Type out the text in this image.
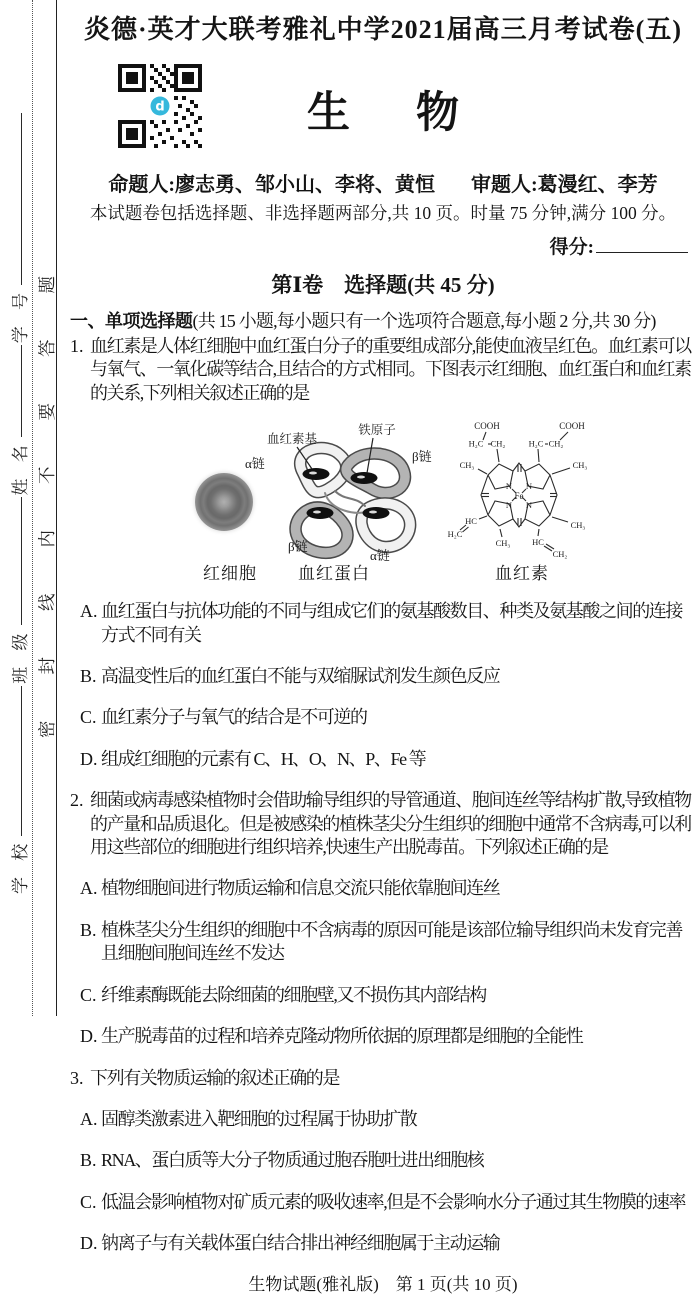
学 校
班 级
姓 名
学 号 密封线内不要答题
炎德·英才大联考雅礼中学2021届高三月考试卷(五)
d	生 物
命题人:廖志勇、邹小山、李将、黄恒 审题人:葛漫红、李芳

本试题卷包括选择题、非选择题两部分,共 10 页。时量 75 分钟,满分 100 分。

得分:
第Ⅰ卷　选择题(共 45 分)
一、单项选择题(共 15 小题,每小题只有一个选项符合题意,每小题 2 分,共 30 分)

1. 血红素是人体红细胞中血红蛋白分子的重要组成部分,能使血液呈红色。血红素可以与氧气、一氧化碳等结合,且结合的方式相同。下图表示红细胞、血红蛋白和血红素的关系,下列相关叙述正确的是

血红素基
铁原子
α链	β链
β链
α链
COOH	COOH
H₂C CH₂	H₂C CH₂
CH₃	CH₃
HC
H₂C
CH₃
CH₃	HC
CH₂
N N
N N
Fe
红细胞 血红蛋白	血红素

A. 血红蛋白与抗体功能的不同与组成它们的氨基酸数目、种类及氨基酸之间的连接方式不同有关

B. 高温变性后的血红蛋白不能与双缩脲试剂发生颜色反应

C. 血红素分子与氧气的结合是不可逆的

D. 组成红细胞的元素有 C、H、O、N、P、Fe 等

2. 细菌或病毒感染植物时会借助输导组织的导管通道、胞间连丝等结构扩散,导致植物的产量和品质退化。但是被感染的植株茎尖分生组织的细胞中通常不含病毒,可以利用这些部位的细胞进行组织培养,快速生产出脱毒苗。下列叙述正确的是

A. 植物细胞间进行物质运输和信息交流只能依靠胞间连丝

B. 植株茎尖分生组织的细胞中不含病毒的原因可能是该部位输导组织尚未发育完善且细胞间胞间连丝不发达

C. 纤维素酶既能去除细菌的细胞壁,又不损伤其内部结构

D. 生产脱毒苗的过程和培养克隆动物所依据的原理都是细胞的全能性

3. 下列有关物质运输的叙述正确的是

A. 固醇类激素进入靶细胞的过程属于协助扩散

B. RNA、蛋白质等大分子物质通过胞吞胞吐进出细胞核

C. 低温会影响植物对矿质元素的吸收速率,但是不会影响水分子通过其生物膜的速率

D. 钠离子与有关载体蛋白结合排出神经细胞属于主动运输

生物试题(雅礼版)　第 1 页(共 10 页)
